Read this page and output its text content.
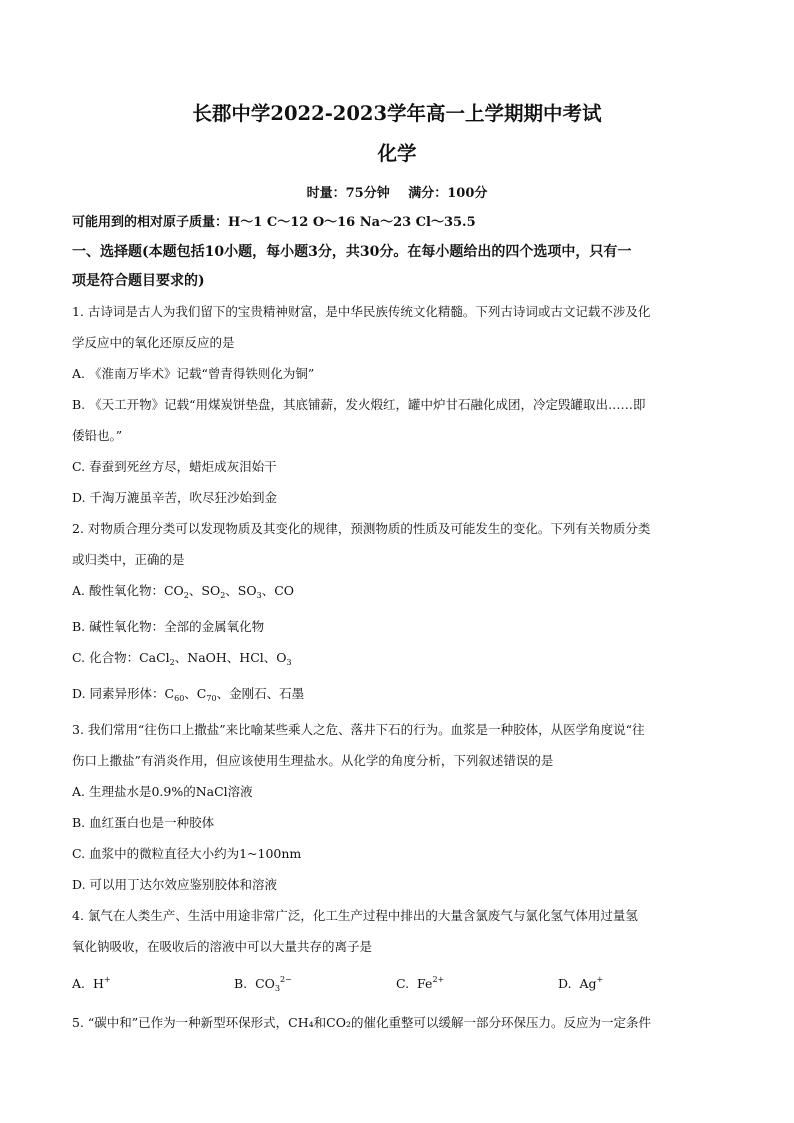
长郡中学2022-2023学年高一上学期期中考试
化学
时量：75分钟 满分：100分
可能用到的相对原子质量：H～1 C～12 O～16 Na～23 Cl～35.5
一、选择题(本题包括10小题，每小题3分，共30分。在每小题给出的四个选项中，只有一
项是符合题目要求的)

1. 古诗词是古人为我们留下的宝贵精神财富，是中华民族传统文化精髓。下列古诗词或古文记载不涉及化

学反应中的氧化还原反应的是

A. 《淮南万毕术》记载“曾青得铁则化为铜”

B. 《天工开物》记载“用煤炭饼垫盘，其底铺薪，发火煅红，罐中炉甘石融化成团，冷定毁罐取出……即

倭铅也。”

C. 春蚕到死丝方尽，蜡炬成灰泪始干

D. 千淘万漉虽辛苦，吹尽狂沙始到金

2. 对物质合理分类可以发现物质及其变化的规律，预测物质的性质及可能发生的变化。下列有关物质分类

或归类中，正确的是

A. 酸性氧化物：$CO_2$、$SO_2$、$SO_3$、CO

B. 碱性氧化物：全部的金属氧化物

C. 化合物：CaCl$_2$、NaOH、HCl、$O_3$

D. 同素异形体：$C_{60}$、$C_{70}$、金刚石、石墨

3. 我们常用“往伤口上撒盐”来比喻某些乘人之危、落井下石的行为。血浆是一种胶体，从医学角度说“往

伤口上撒盐”有消炎作用，但应该使用生理盐水。从化学的角度分析，下列叙述错误的是

A. 生理盐水是0.9%的NaCl溶液

B. 血红蛋白也是一种胶体

C. 血浆中的微粒直径大小约为1~100nm

D. 可以用丁达尔效应鉴别胶体和溶液

4. 氯气在人类生产、生活中用途非常广泛，化工生产过程中排出的大量含氯废气与氯化氢气体用过量氢

氧化钠吸收，在吸收后的溶液中可以大量共存的离子是

A.  H+	B.  $CO_3^{2-}$	C.  $Fe^{2+}$	D.  Ag+

5. “碳中和”已作为一种新型环保形式，CH₄和CO₂的催化重整可以缓解一部分环保压力。反应为一定条件
